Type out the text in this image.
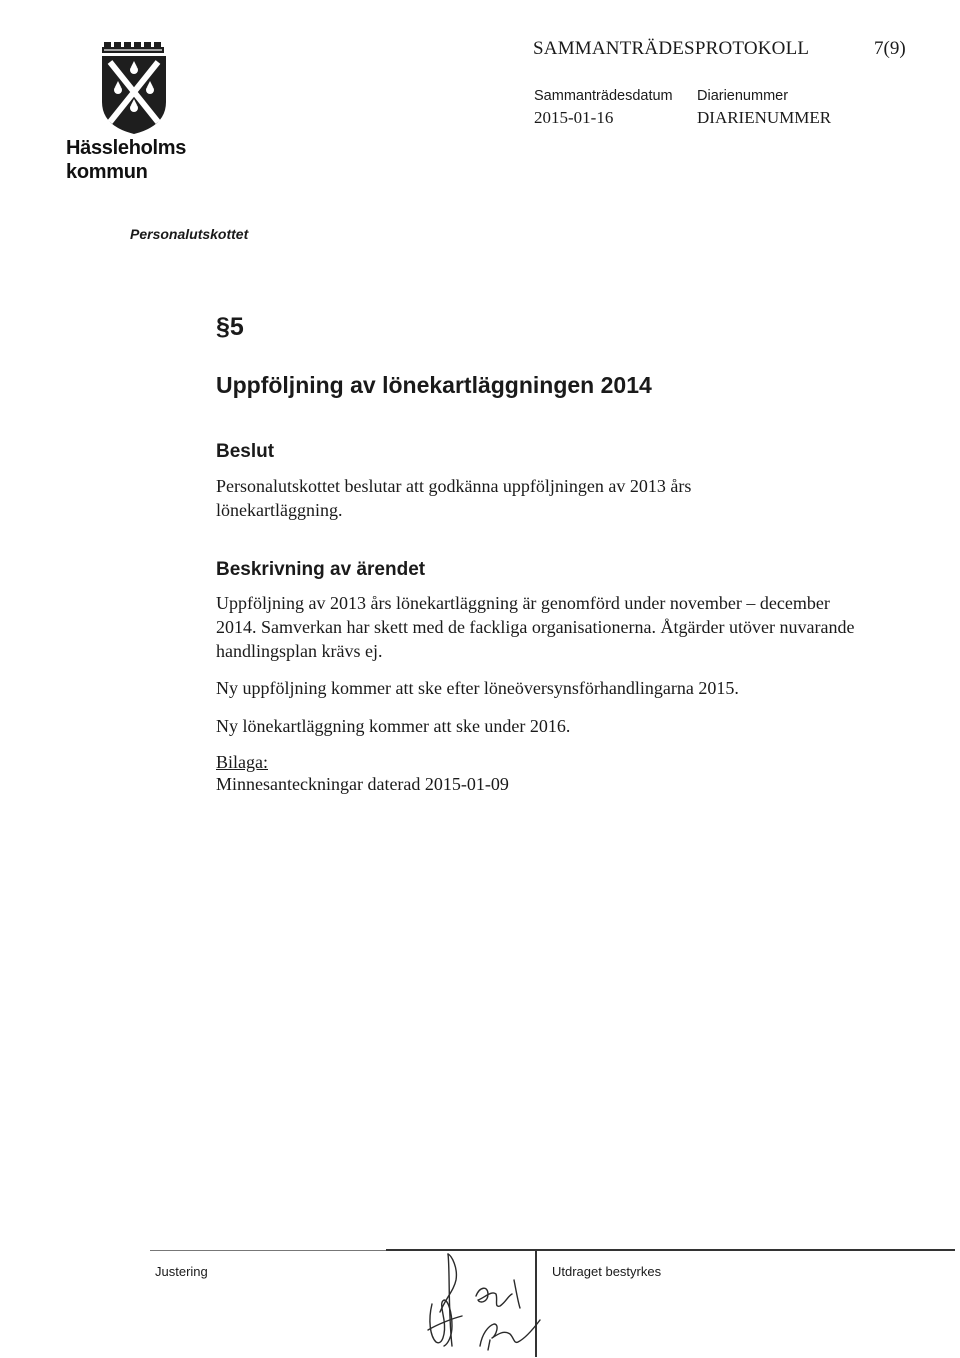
Hässleholms kommun
SAMMANTRÄDESPROTOKOLL	7(9)
Sammanträdesdatum
2015-01-16
Diarienummer
DIARIENUMMER
Personalutskottet
§5
Uppföljning av lönekartläggningen 2014
Beslut
Personalutskottet beslutar att godkänna uppföljningen av 2013 års lönekartläggning.
Beskrivning av ärendet
Uppföljning av 2013 års lönekartläggning är genomförd under november – december 2014. Samverkan har skett med de fackliga organisationerna. Åtgärder utöver nuvarande handlingsplan krävs ej.
Ny uppföljning kommer att ske efter löneöversynsförhandlingarna 2015.
Ny lönekartläggning kommer att ske under 2016.
Bilaga:
Minnesanteckningar daterad 2015-01-09
Justering	Utdraget bestyrkes
